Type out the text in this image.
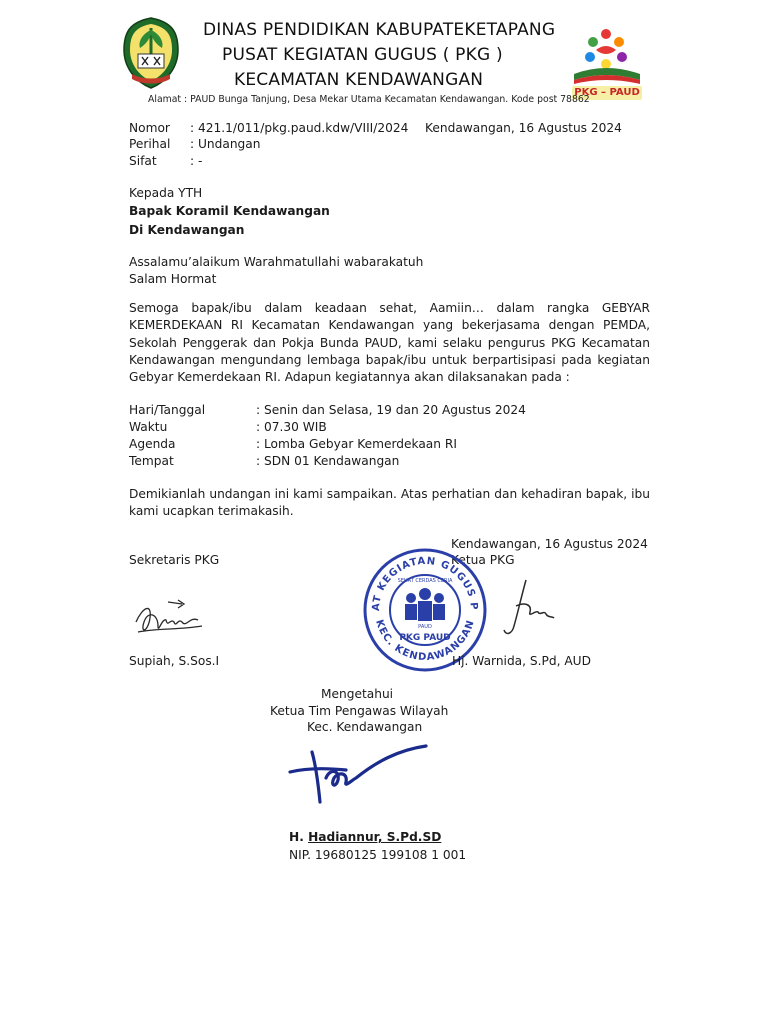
DINAS PENDIDIKAN KABUPATEKETAPANG
PUSAT KEGIATAN GUGUS ( PKG )
KECAMATAN KENDAWANGAN
PKG – PAUD
Alamat : PAUD Bunga Tanjung, Desa Mekar Utama Kecamatan Kendawangan. Kode post 78862
Nomor : 421.1/011/pkg.paud.kdw/VIII/2024 Kendawangan, 16 Agustus 2024
Perihal : Undangan
Sifat	: -
Kepada YTH
Bapak Koramil Kendawangan
Di Kendawangan
Assalamu’alaikum Warahmatullahi wabarakatuh
Salam Hormat
Semoga bapak/ibu dalam keadaan sehat, Aamiin… dalam rangka GEBYAR KEMERDEKAAN RI Kecamatan Kendawangan yang bekerjasama dengan PEMDA, Sekolah Penggerak dan Pokja Bunda PAUD, kami selaku pengurus PKG Kecamatan Kendawangan mengundang lembaga bapak/ibu untuk berpartisipasi pada kegiatan Gebyar Kemerdekaan RI. Adapun kegiatannya akan dilaksanakan pada :
Hari/Tanggal	: Senin dan Selasa, 19 dan 20 Agustus 2024
Waktu	: 07.30 WIB
Agenda	: Lomba Gebyar Kemerdekaan RI
Tempat	: SDN 01 Kendawangan
Demikianlah undangan ini kami sampaikan. Atas perhatian dan kehadiran bapak, ibu kami ucapkan terimakasih.
Kendawangan, 16 Agustus 2024
Sekretaris PKG	Ketua PKG
AT KEGIATAN GUGUS P
KEC. KENDAWANGAN
SEHAT CERDAS CERIA
PAUD
PKG PAUD
Supiah, S.Sos.I	Hj. Warnida, S.Pd, AUD
Mengetahui
Ketua Tim Pengawas Wilayah
Kec. Kendawangan
H. Hadiannur, S.Pd.SD
NIP. 19680125 199108 1 001
